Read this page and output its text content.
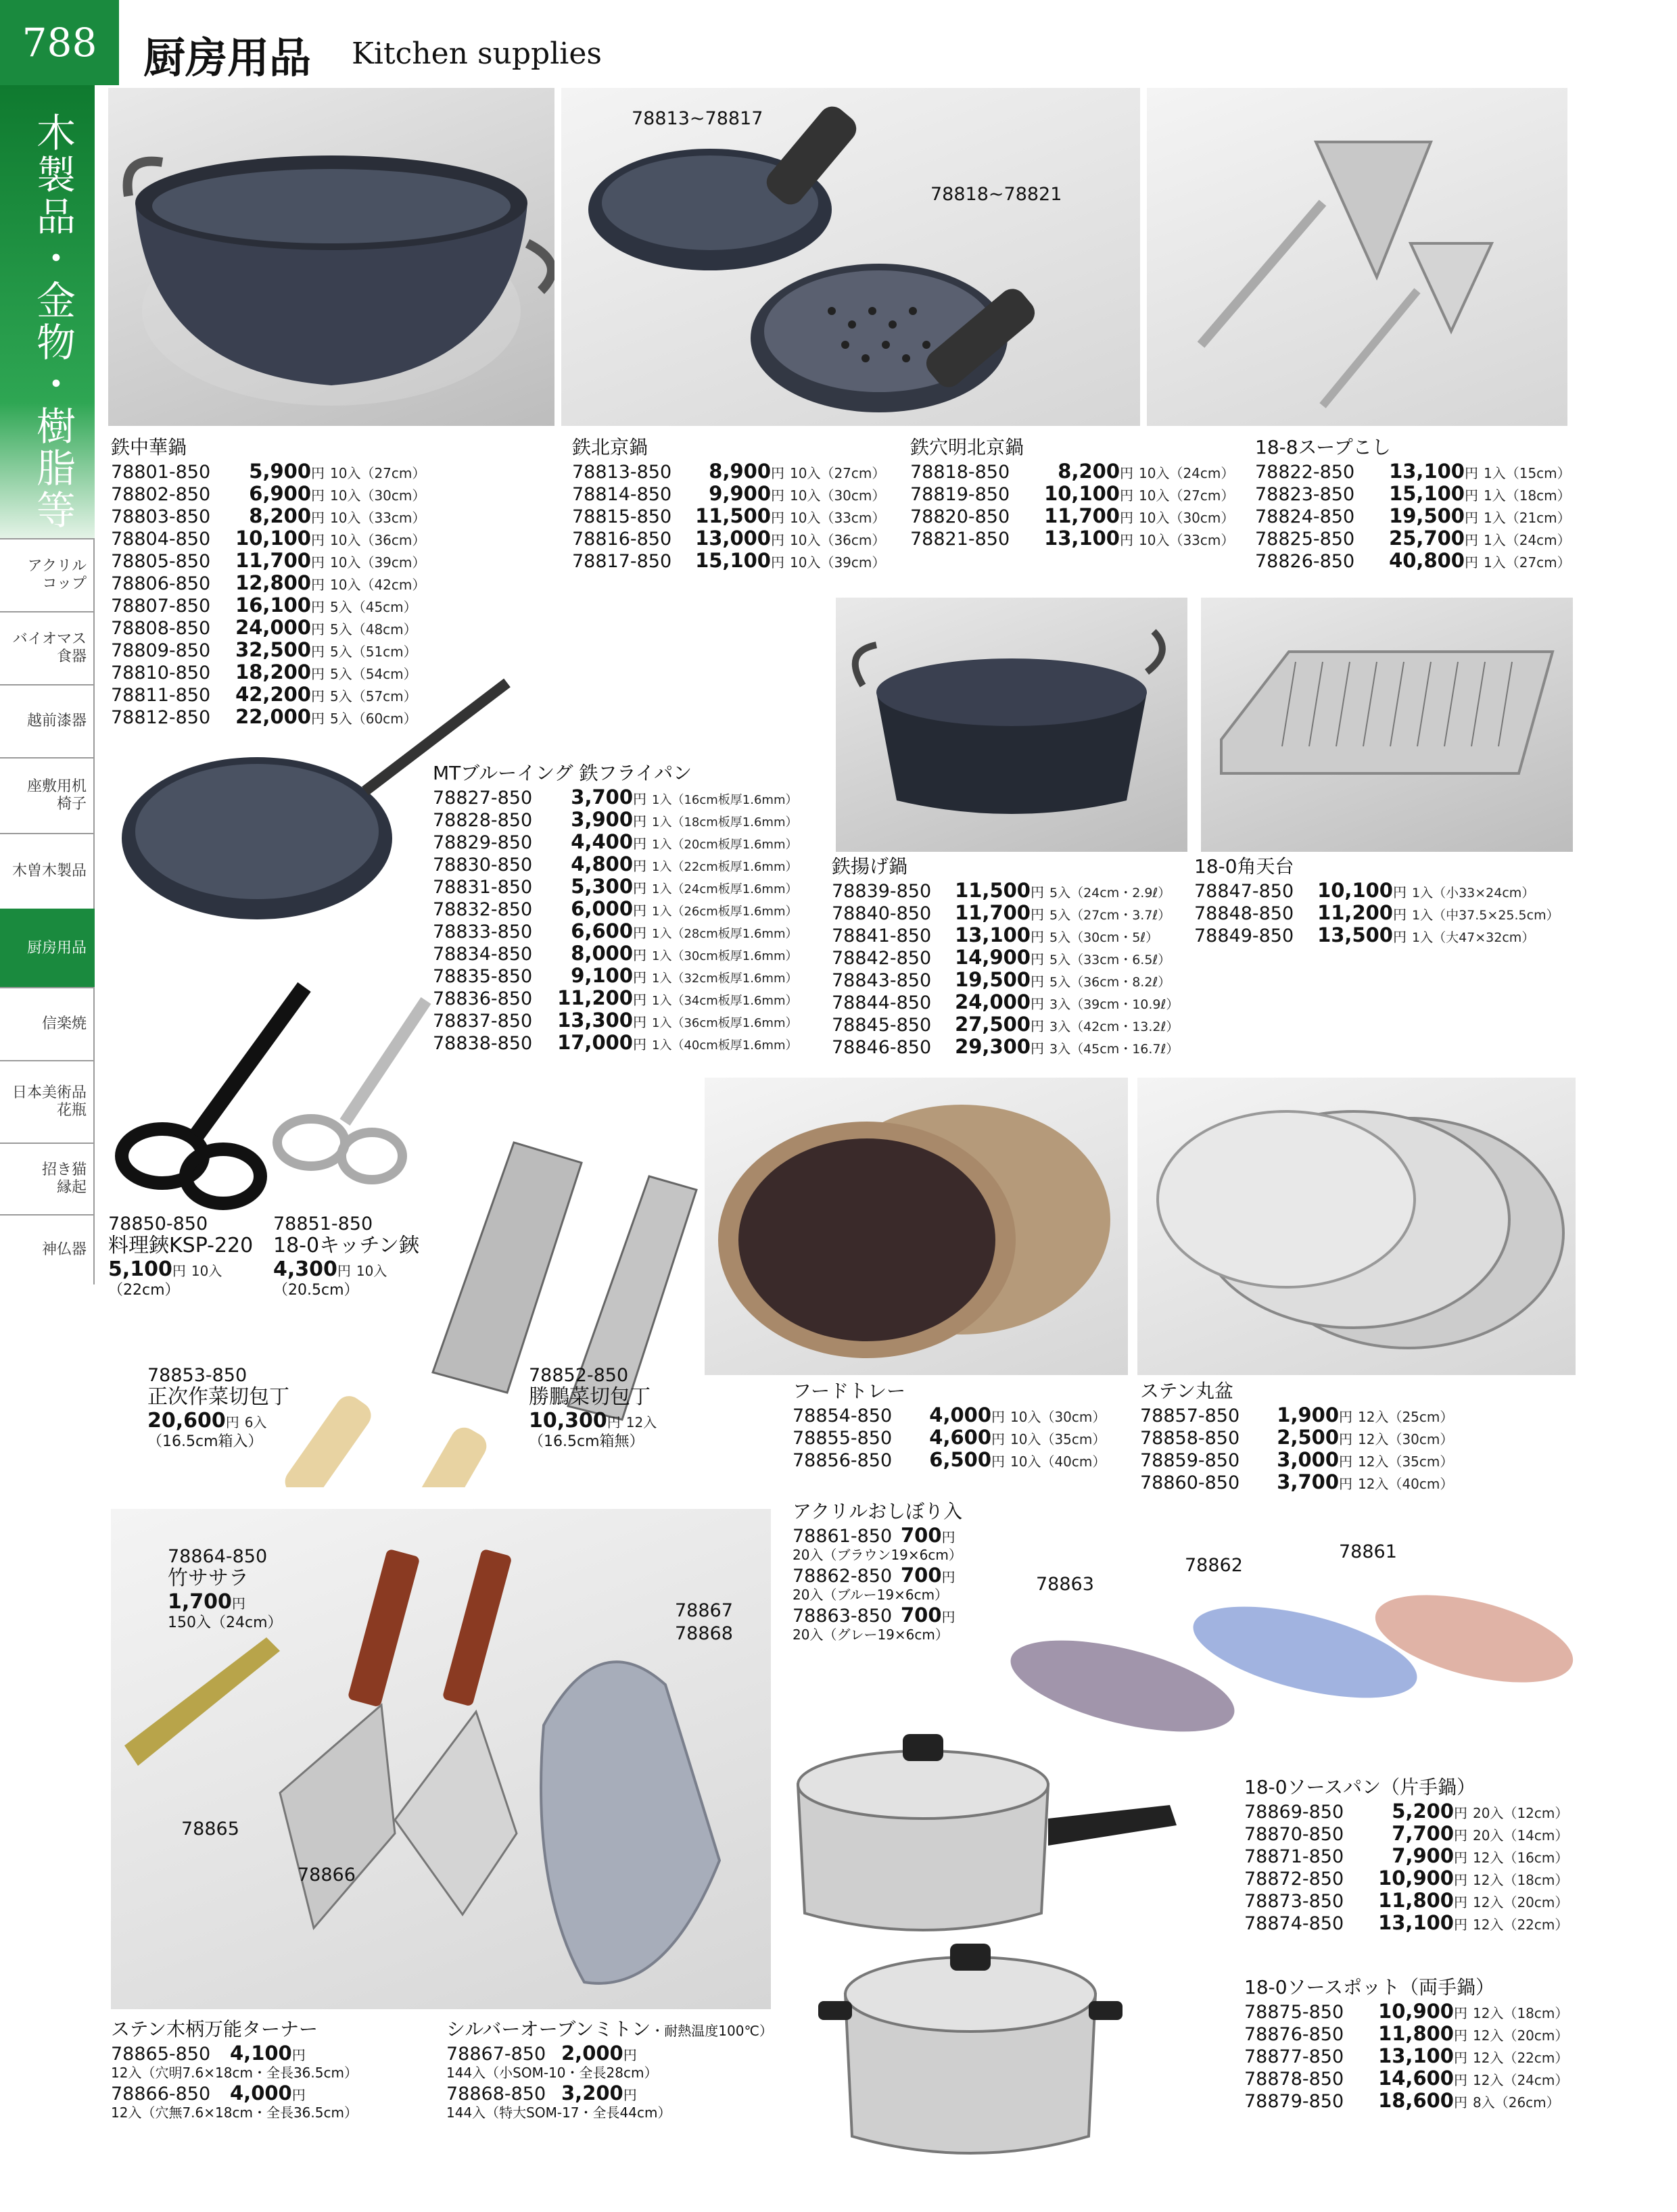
788	厨房用品 Kitchen supplies
木製品・金物・樹脂等
アクリル
コップ
バイオマス
食器
越前漆器
座敷用机
椅子
木曽木製品
厨房用品
信楽焼
日本美術品
花瓶
招き猫
縁起
神仏器
78813~78817
78818~78821
78865
78866
78867
78868
78861
78862
78863
鉄中華鍋
78801-850	5,900 円 10入（27cm）
78802-850	6,900 円 10入（30cm）
78803-850	8,200 円 10入（33cm）
78804-850	10,100 円 10入（36cm）
78805-850	11,700 円 10入（39cm）
78806-850	12,800 円 10入（42cm）
78807-850	16,100 円 5入（45cm）
78808-850	24,000 円 5入（48cm）
78809-850	32,500 円 5入（51cm）
78810-850	18,200 円 5入（54cm）
78811-850	42,200 円 5入（57cm）
78812-850	22,000 円 5入（60cm）
鉄北京鍋
78813-850	8,900 円 10入（27cm）
78814-850	9,900 円 10入（30cm）
78815-850	11,500 円 10入（33cm）
78816-850	13,000 円 10入（36cm）
78817-850	15,100 円 10入（39cm）
鉄穴明北京鍋
78818-850	8,200 円 10入（24cm）
78819-850	10,100 円 10入（27cm）
78820-850	11,700 円 10入（30cm）
78821-850	13,100 円 10入（33cm）
18-8スープこし
78822-850	13,100 円 1入（15cm）
78823-850	15,100 円 1入（18cm）
78824-850	19,500 円 1入（21cm）
78825-850	25,700 円 1入（24cm）
78826-850	40,800 円 1入（27cm）
MTブルーイング 鉄フライパン
78827-850	3,700 円 1入（16cm板厚1.6mm）
78828-850	3,900 円 1入（18cm板厚1.6mm）
78829-850	4,400 円 1入（20cm板厚1.6mm）
78830-850	4,800 円 1入（22cm板厚1.6mm）
78831-850	5,300 円 1入（24cm板厚1.6mm）
78832-850	6,000 円 1入（26cm板厚1.6mm）
78833-850	6,600 円 1入（28cm板厚1.6mm）
78834-850	8,000 円 1入（30cm板厚1.6mm）
78835-850	9,100 円 1入（32cm板厚1.6mm）
78836-850	11,200 円 1入（34cm板厚1.6mm）
78837-850	13,300 円 1入（36cm板厚1.6mm）
78838-850	17,000 円 1入（40cm板厚1.6mm）
鉄揚げ鍋
78839-850	11,500 円 5入（24cm・2.9ℓ）
78840-850	11,700 円 5入（27cm・3.7ℓ）
78841-850	13,100 円 5入（30cm・5ℓ）
78842-850	14,900 円 5入（33cm・6.5ℓ）
78843-850	19,500 円 5入（36cm・8.2ℓ）
78844-850	24,000 円 3入（39cm・10.9ℓ）
78845-850	27,500 円 3入（42cm・13.2ℓ）
78846-850	29,300 円 3入（45cm・16.7ℓ）
18-0角天台
78847-850	10,100 円 1入（小33×24cm）
78848-850	11,200 円 1入（中37.5×25.5cm）
78849-850	13,500 円 1入（大47×32cm）
フードトレー
78854-850	4,000 円 10入（30cm）
78855-850	4,600 円 10入（35cm）
78856-850	6,500 円 10入（40cm）
ステン丸盆
78857-850	1,900 円 12入（25cm）
78858-850	2,500 円 12入（30cm）
78859-850	3,000 円 12入（35cm）
78860-850	3,700 円 12入（40cm）
18-0ソースパン（片手鍋）
78869-850	5,200 円 20入（12cm）
78870-850	7,700 円 20入（14cm）
78871-850	7,900 円 12入（16cm）
78872-850	10,900 円 12入（18cm）
78873-850	11,800 円 12入（20cm）
78874-850	13,100 円 12入（22cm）
18-0ソースポット（両手鍋）
78875-850	10,900 円 12入（18cm）
78876-850	11,800 円 12入（20cm）
78877-850	13,100 円 12入（22cm）
78878-850	14,600 円 12入（24cm）
78879-850	18,600 円 8入（26cm）
アクリルおしぼり入
78861-850 700 円
20入（ブラウン19×6cm）
78862-850 700 円
20入（ブルー19×6cm）
78863-850 700 円
20入（グレー19×6cm）
ステン木柄万能ターナー
78865-850 4,100 円
12入（穴明7.6×18cm・全長36.5cm）
78866-850 4,000 円
12入（穴無7.6×18cm・全長36.5cm）
シルバーオーブンミトン・耐熱温度100℃）
78867-850 2,000 円
144入（小SOM-10・全長28cm）
78868-850 3,200 円
144入（特大SOM-17・全長44cm）
78850-850
料理鋏KSP-220
5,100円 10入
（22cm）
78851-850
18-0キッチン鋏
4,300円 10入
（20.5cm）
78853-850
正次作菜切包丁
20,600円 6入
（16.5cm箱入）
78852-850
勝鵬菜切包丁
10,300円 12入
（16.5cm箱無）
78864-850
竹ササラ
1,700円
150入（24cm）
